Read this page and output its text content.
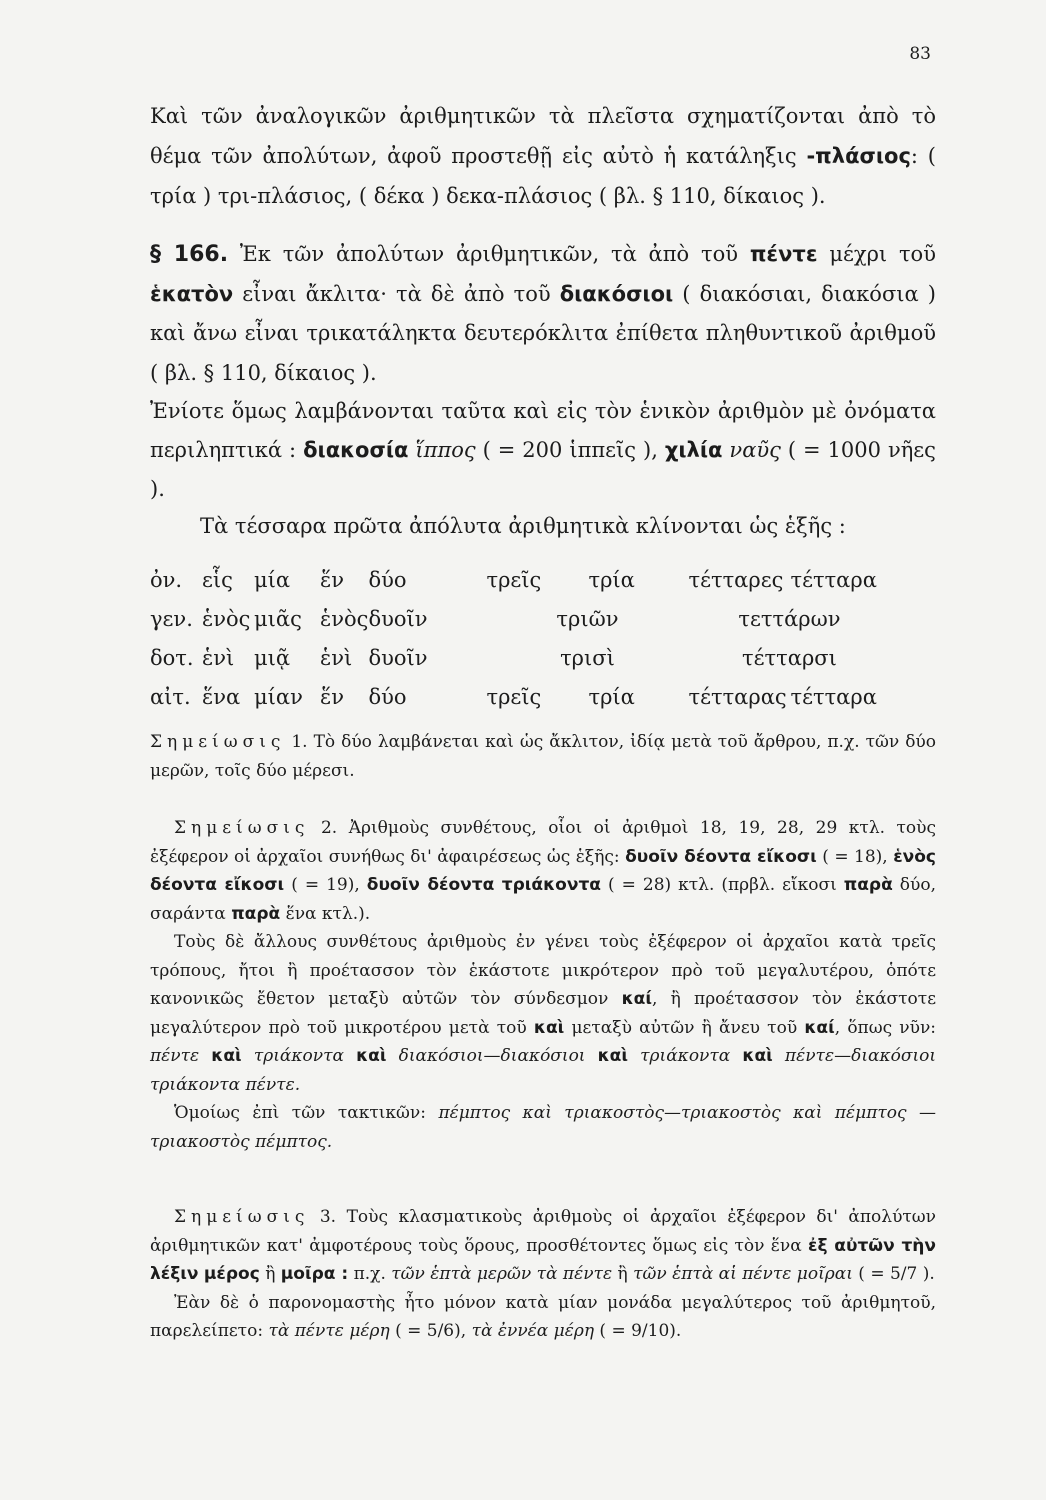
83

Καὶ τῶν ἀναλογικῶν ἀριθμητικῶν τὰ πλεῖστα σχηματίζονται ἀπὸ τὸ θέμα τῶν ἀπολύτων, ἀφοῦ προστεθῇ εἰς αὐτὸ ἡ κατάληξις -πλάσιος: ( τρία ) τρι-πλάσιος, ( δέκα ) δεκα-πλάσιος ( βλ. § 110, δίκαιος ).

§ 166. Ἐκ τῶν ἀπολύτων ἀριθμητικῶν, τὰ ἀπὸ τοῦ πέντε μέχρι τοῦ ἑκατὸν εἶναι ἄκλιτα· τὰ δὲ ἀπὸ τοῦ διακόσιοι ( διακόσιαι, διακόσια ) καὶ ἄνω εἶναι τρικατάληκτα δευτερόκλιτα ἐπίθετα πληθυντικοῦ ἀριθμοῦ ( βλ. § 110, δίκαιος ).

Ἐνίοτε ὅμως λαμβάνονται ταῦτα καὶ εἰς τὸν ἑνικὸν ἀριθμὸν μὲ ὀνόματα περιληπτικά : διακοσία ἵππος ( = 200 ἱππεῖς ), χιλία ναῦς ( = 1000 νῆες ).

Τὰ τέσσαρα πρῶτα ἀπόλυτα ἀριθμητικὰ κλίνονται ὡς ἑξῆς :

ὀν.	εἷς	μία	ἕν	δύο	τρεῖς	τρία	τέτταρες	τέτταρα
γεν.	ἑνὸς	μιᾶς	ἑνὸς	δυοῖν	τριῶν		τεττάρων	
δοτ.	ἑνὶ	μιᾷ	ἑνὶ	δυοῖν	τρισὶ		τέτταρσι	
αἰτ.	ἕνα	μίαν	ἕν	δύο	τρεῖς	τρία	τέτταρας	τέτταρα

Σημείωσις 1. Τὸ δύο λαμβάνεται καὶ ὡς ἄκλιτον, ἰδίᾳ μετὰ τοῦ ἄρθρου, π.χ. τῶν δύο μερῶν, τοῖς δύο μέρεσι.

Σημείωσις 2. Ἀριθμοὺς συνθέτους, οἷοι οἱ ἀριθμοὶ 18, 19, 28, 29 κτλ. τοὺς ἐξέφερον οἱ ἀρχαῖοι συνήθως δι' ἀφαιρέσεως ὡς ἑξῆς: δυοῖν δέοντα εἴκοσι ( = 18), ἑνὸς δέοντα εἴκοσι ( = 19), δυοῖν δέοντα τριάκοντα ( = 28) κτλ. (πρβλ. εἴκοσι παρὰ δύο, σαράντα παρὰ ἕνα κτλ.).
Τοὺς δὲ ἄλλους συνθέτους ἀριθμοὺς ἐν γένει τοὺς ἐξέφερον οἱ ἀρχαῖοι κατὰ τρεῖς τρόπους, ἤτοι ἢ προέτασσον τὸν ἑκάστοτε μικρότερον πρὸ τοῦ μεγαλυτέρου, ὁπότε κανονικῶς ἔθετον μεταξὺ αὐτῶν τὸν σύνδεσμον καί, ἢ προέτασσον τὸν ἑκάστοτε μεγαλύτερον πρὸ τοῦ μικροτέρου μετὰ τοῦ καὶ μεταξὺ αὐτῶν ἢ ἄνευ τοῦ καί, ὅπως νῦν: πέντε καὶ τριάκοντα καὶ διακόσιοι—διακόσιοι καὶ τριάκοντα καὶ πέντε—διακόσιοι τριάκοντα πέντε.
Ὁμοίως ἐπὶ τῶν τακτικῶν: πέμπτος καὶ τριακοστὸς—τριακοστὸς καὶ πέμπτος — τριακοστὸς πέμπτος.
Σημείωσις 3. Τοὺς κλασματικοὺς ἀριθμοὺς οἱ ἀρχαῖοι ἐξέφερον δι' ἀπολύτων ἀριθμητικῶν κατ' ἀμφοτέρους τοὺς ὅρους, προσθέτοντες ὅμως εἰς τὸν ἕνα ἐξ αὐτῶν τὴν λέξιν μέρος ἢ μοῖρα : π.χ. τῶν ἑπτὰ μερῶν τὰ πέντε ἢ τῶν ἑπτὰ αἱ πέντε μοῖραι ( = 5/7 ).
Ἐὰν δὲ ὁ παρονομαστὴς ἦτο μόνον κατὰ μίαν μονάδα μεγαλύτερος τοῦ ἀριθμητοῦ, παρελείπετο: τὰ πέντε μέρη ( = 5/6), τὰ ἐννέα μέρη ( = 9/10).
